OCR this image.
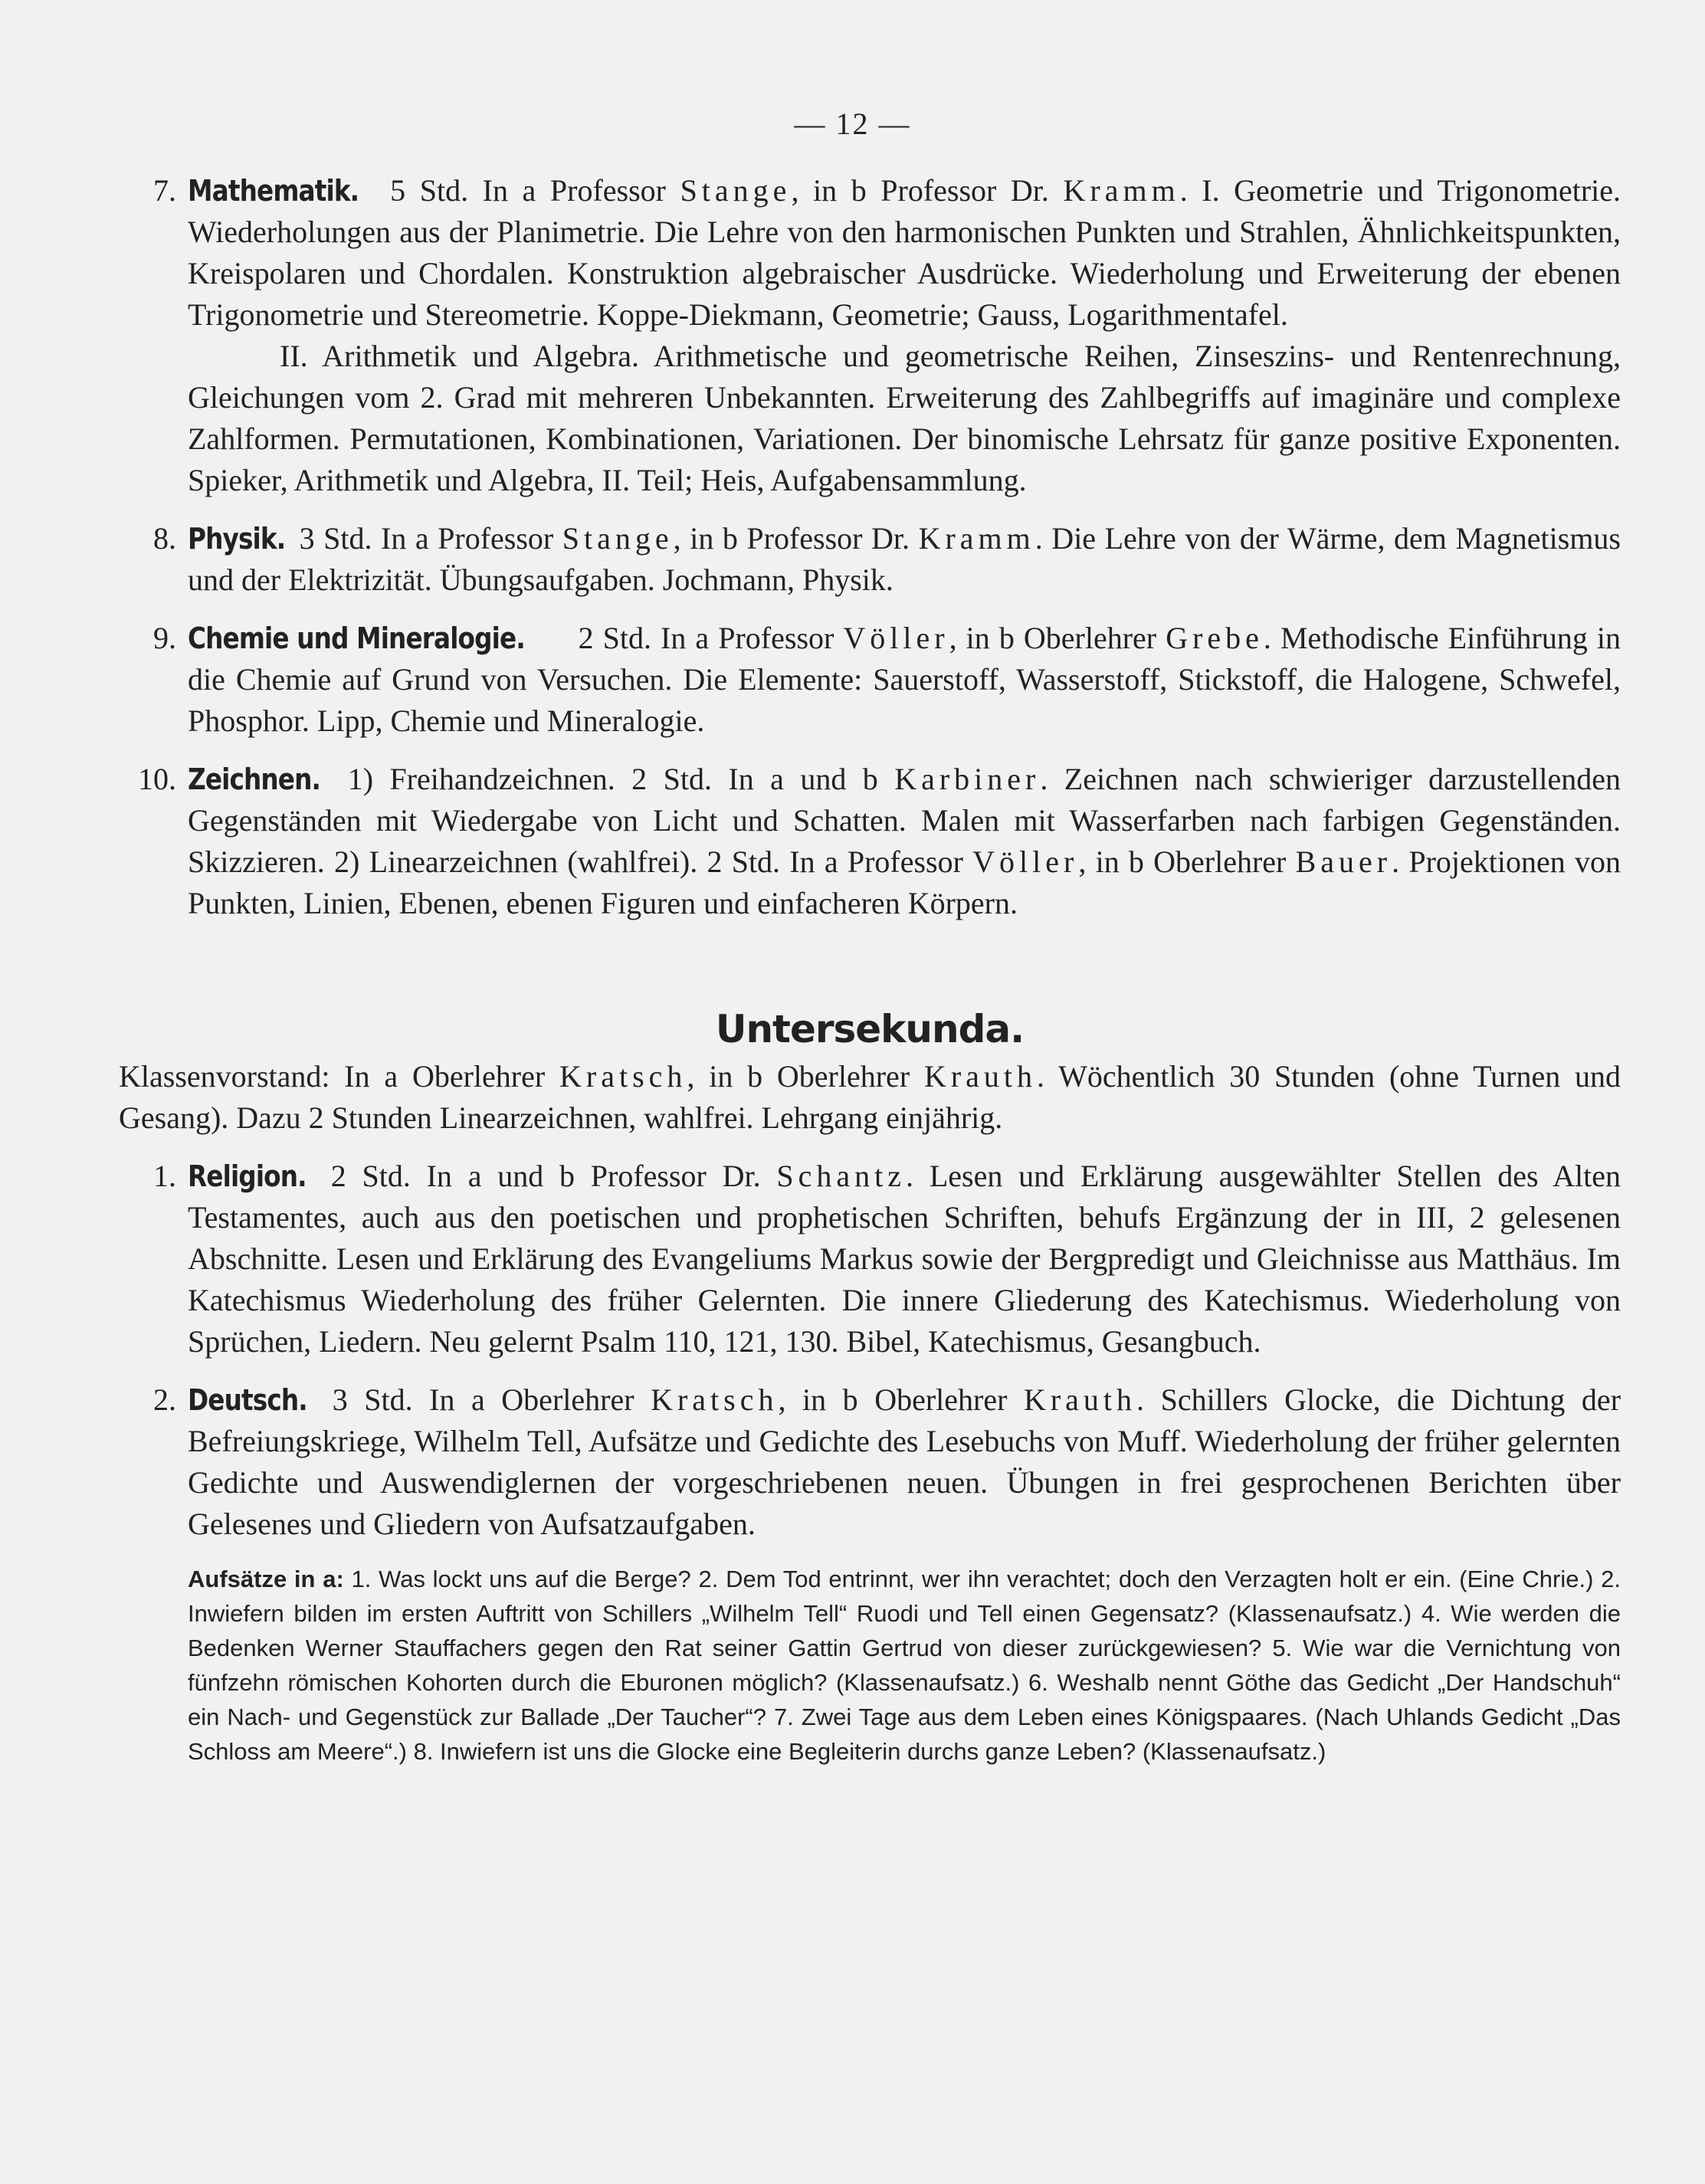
— 12 —
7. Mathematik. 5 Std. In a Professor Stange, in b Professor Dr. Kramm. I. Geometrie und Trigonometrie. Wiederholungen aus der Planimetrie. Die Lehre von den harmonischen Punkten und Strahlen, Ähnlichkeitspunkten, Kreispolaren und Chordalen. Konstruktion algebraischer Ausdrücke. Wiederholung und Erweiterung der ebenen Trigonometrie und Stereometrie. Koppe-Diekmann, Geometrie; Gauss, Logarithmentafel.

II. Arithmetik und Algebra. Arithmetische und geometrische Reihen, Zinseszins- und Rentenrechnung, Gleichungen vom 2. Grad mit mehreren Unbekannten. Erweiterung des Zahlbegriffs auf imaginäre und complexe Zahlformen. Permutationen, Kombinationen, Variationen. Der binomische Lehrsatz für ganze positive Exponenten. Spieker, Arithmetik und Algebra, II. Teil; Heis, Aufgabensammlung.

8. Physik. 3 Std. In a Professor Stange, in b Professor Dr. Kramm. Die Lehre von der Wärme, dem Magnetismus und der Elektrizität. Übungsaufgaben. Jochmann, Physik.

9. Chemie und Mineralogie. 2 Std. In a Professor Völler, in b Oberlehrer Grebe. Methodische Einführung in die Chemie auf Grund von Versuchen. Die Elemente: Sauerstoff, Wasserstoff, Stickstoff, die Halogene, Schwefel, Phosphor. Lipp, Chemie und Mineralogie.

10. Zeichnen. 1) Freihandzeichnen. 2 Std. In a und b Karbiner. Zeichnen nach schwieriger darzustellenden Gegenständen mit Wiedergabe von Licht und Schatten. Malen mit Wasserfarben nach farbigen Gegenständen. Skizzieren. 2) Linearzeichnen (wahlfrei). 2 Std. In a Professor Völler, in b Oberlehrer Bauer. Projektionen von Punkten, Linien, Ebenen, ebenen Figuren und einfacheren Körpern.

Untersekunda.

Klassenvorstand: In a Oberlehrer Kratsch, in b Oberlehrer Krauth. Wöchentlich 30 Stunden (ohne Turnen und Gesang). Dazu 2 Stunden Linearzeichnen, wahlfrei. Lehrgang einjährig.

1. Religion. 2 Std. In a und b Professor Dr. Schantz. Lesen und Erklärung ausgewählter Stellen des Alten Testamentes, auch aus den poetischen und prophetischen Schriften, behufs Ergänzung der in III, 2 gelesenen Abschnitte. Lesen und Erklärung des Evangeliums Markus sowie der Bergpredigt und Gleichnisse aus Matthäus. Im Katechismus Wiederholung des früher Gelernten. Die innere Gliederung des Katechismus. Wiederholung von Sprüchen, Liedern. Neu gelernt Psalm 110, 121, 130. Bibel, Katechismus, Gesangbuch.

2. Deutsch. 3 Std. In a Oberlehrer Kratsch, in b Oberlehrer Krauth. Schillers Glocke, die Dichtung der Befreiungskriege, Wilhelm Tell, Aufsätze und Gedichte des Lesebuchs von Muff. Wiederholung der früher gelernten Gedichte und Auswendiglernen der vorgeschriebenen neuen. Übungen in frei gesprochenen Berichten über Gelesenes und Gliedern von Aufsatzaufgaben.

Aufsätze in a: 1. Was lockt uns auf die Berge? 2. Dem Tod entrinnt, wer ihn verachtet; doch den Verzagten holt er ein. (Eine Chrie.) 2. Inwiefern bilden im ersten Auftritt von Schillers „Wilhelm Tell“ Ruodi und Tell einen Gegensatz? (Klassenaufsatz.) 4. Wie werden die Bedenken Werner Stauffachers gegen den Rat seiner Gattin Gertrud von dieser zurückgewiesen? 5. Wie war die Vernichtung von fünfzehn römischen Kohorten durch die Eburonen möglich? (Klassenaufsatz.) 6. Weshalb nennt Göthe das Gedicht „Der Handschuh“ ein Nach- und Gegenstück zur Ballade „Der Taucher“? 7. Zwei Tage aus dem Leben eines Königspaares. (Nach Uhlands Gedicht „Das Schloss am Meere“.) 8. Inwiefern ist uns die Glocke eine Begleiterin durchs ganze Leben? (Klassenaufsatz.)
